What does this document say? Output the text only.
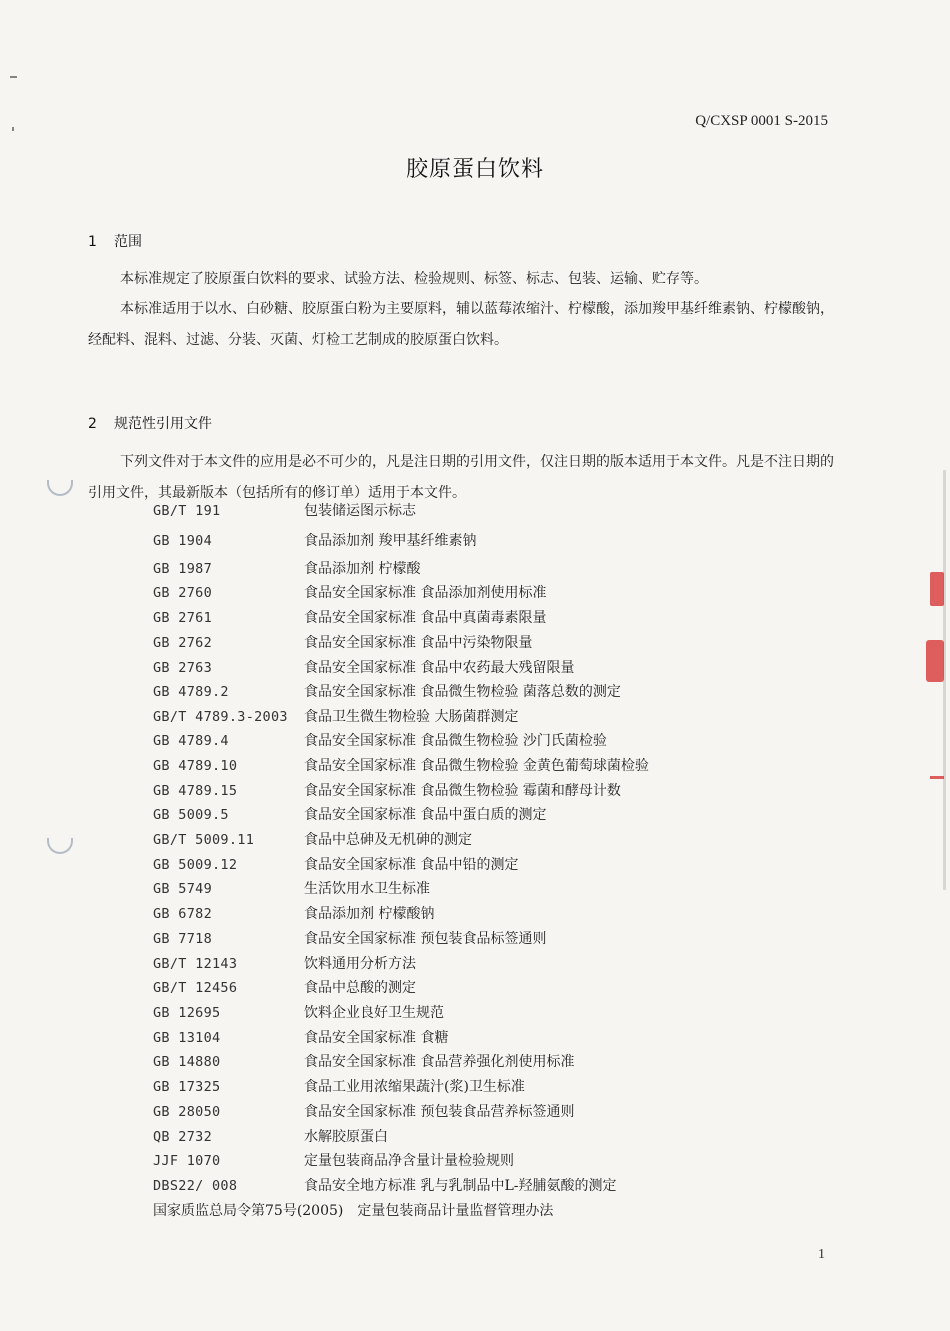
Q/CXSP 0001 S-2015
胶原蛋白饮料
1 范围
本标准规定了胶原蛋白饮料的要求、试验方法、检验规则、标签、标志、包装、运输、贮存等。
本标准适用于以水、白砂糖、胶原蛋白粉为主要原料，辅以蓝莓浓缩汁、柠檬酸，添加羧甲基纤维素钠、柠檬酸钠，经配料、混料、过滤、分装、灭菌、灯检工艺制成的胶原蛋白饮料。
2 规范性引用文件
下列文件对于本文件的应用是必不可少的，凡是注日期的引用文件，仅注日期的版本适用于本文件。凡是不注日期的引用文件，其最新版本（包括所有的修订单）适用于本文件。
GB/T 191	包装储运图示标志
GB 1904	食品添加剂 羧甲基纤维素钠
GB 1987	食品添加剂 柠檬酸
GB 2760	食品安全国家标准 食品添加剂使用标准
GB 2761	食品安全国家标准 食品中真菌毒素限量
GB 2762	食品安全国家标准 食品中污染物限量
GB 2763	食品安全国家标准 食品中农药最大残留限量
GB 4789.2	食品安全国家标准 食品微生物检验 菌落总数的测定
GB/T 4789.3-2003 食品卫生微生物检验 大肠菌群测定
GB 4789.4	食品安全国家标准 食品微生物检验 沙门氏菌检验
GB 4789.10	食品安全国家标准 食品微生物检验 金黄色葡萄球菌检验
GB 4789.15	食品安全国家标准 食品微生物检验 霉菌和酵母计数
GB 5009.5	食品安全国家标准 食品中蛋白质的测定
GB/T 5009.11	食品中总砷及无机砷的测定
GB 5009.12	食品安全国家标准 食品中铅的测定
GB 5749	生活饮用水卫生标准
GB 6782	食品添加剂 柠檬酸钠
GB 7718	食品安全国家标准 预包装食品标签通则
GB/T 12143	饮料通用分析方法
GB/T 12456	食品中总酸的测定
GB 12695	饮料企业良好卫生规范
GB 13104	食品安全国家标准 食糖
GB 14880	食品安全国家标准 食品营养强化剂使用标准
GB 17325	食品工业用浓缩果蔬汁(浆)卫生标准
GB 28050	食品安全国家标准 预包装食品营养标签通则
QB 2732	水解胶原蛋白
JJF 1070	定量包装商品净含量计量检验规则
DBS22/ 008	食品安全地方标准 乳与乳制品中L-羟脯氨酸的测定
国家质监总局令第75号(2005)　定量包装商品计量监督管理办法
1
